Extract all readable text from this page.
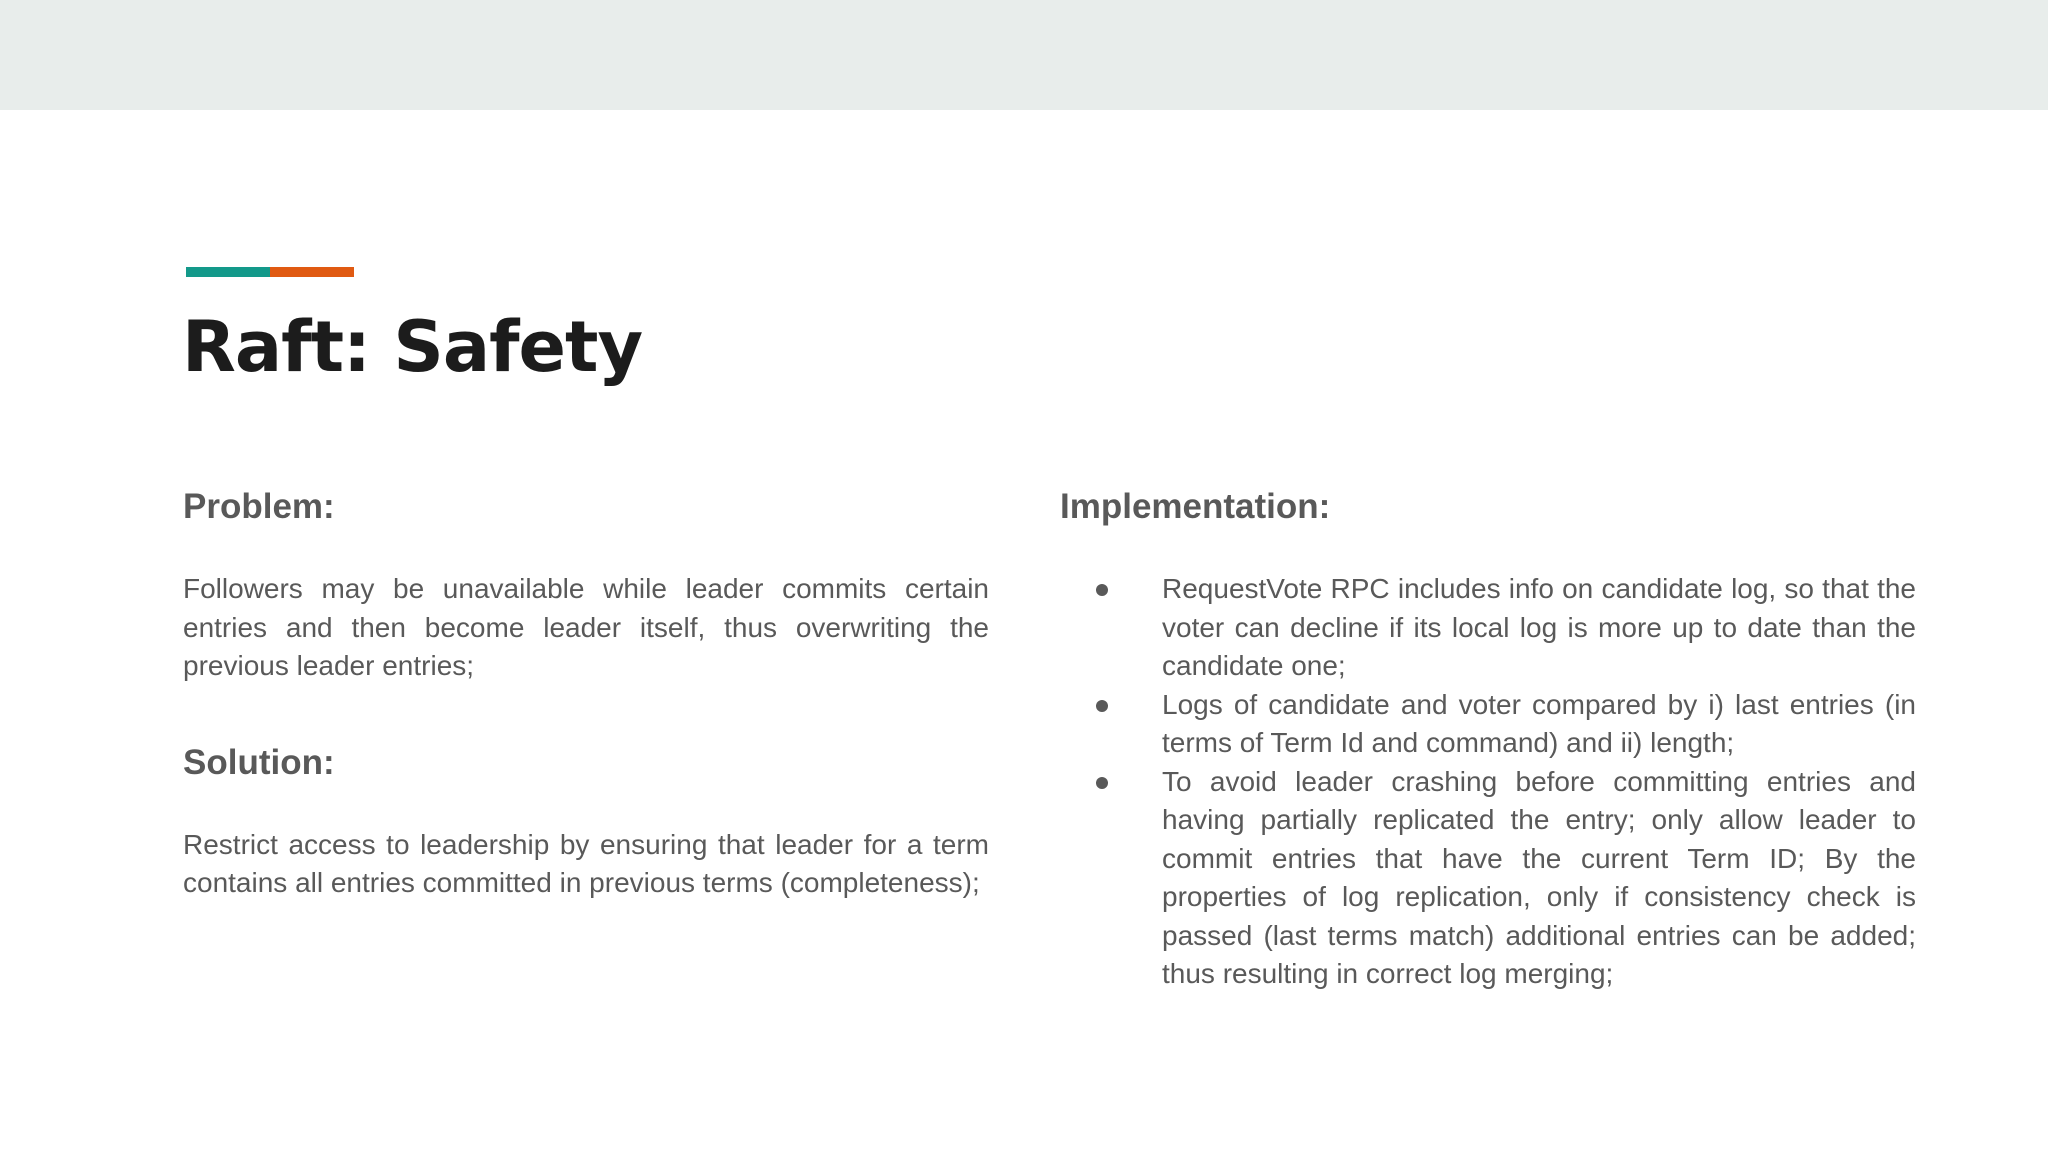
Raft: Safety
Problem:

Followers may be unavailable while leader commits certain entries and then become leader itself, thus overwriting the previous leader entries;

Solution:

Restrict access to leadership by ensuring that leader for a term contains all entries committed in previous terms (completeness);

Implementation:
RequestVote RPC includes info on candidate log, so that the voter can decline if its local log is more up to date than the candidate one;
Logs of candidate and voter compared by i) last entries (in terms of Term Id and command) and ii) length;
To avoid leader crashing before committing entries and having partially replicated the entry; only allow leader to commit entries that have the current Term ID; By the properties of log replication, only if consistency check is passed (last terms match) additional entries can be added; thus resulting in correct log merging;
